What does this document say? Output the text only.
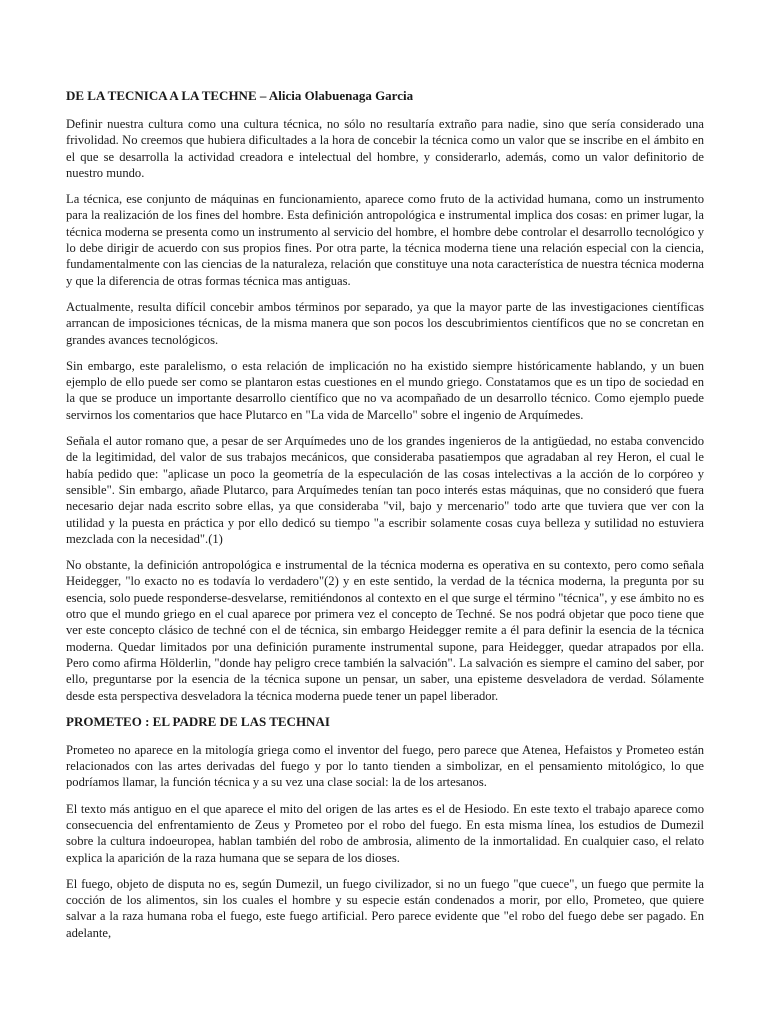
DE LA TECNICA A LA TECHNE – Alicia Olabuenaga Garcia

Definir nuestra cultura como una cultura técnica, no sólo no resultaría extraño para nadie, sino que sería considerado una frivolidad. No creemos que hubiera dificultades a la hora de concebir la técnica como un valor que se inscribe en el ámbito en el que se desarrolla la actividad creadora e intelectual del hombre, y considerarlo, además, como un valor definitorio de nuestro mundo.

La técnica, ese conjunto de máquinas en funcionamiento, aparece como fruto de la actividad humana, como un instrumento para la realización de los fines del hombre. Esta definición antropológica e instrumental implica dos cosas: en primer lugar, la técnica moderna se presenta como un instrumento al servicio del hombre, el hombre debe controlar el desarrollo tecnológico y lo debe dirigir de acuerdo con sus propios fines. Por otra parte, la técnica moderna tiene una relación especial con la ciencia, fundamentalmente con las ciencias de la naturaleza, relación que constituye una nota característica de nuestra técnica moderna y que la diferencia de otras formas técnica mas antiguas.

Actualmente, resulta difícil concebir ambos términos por separado, ya que la mayor parte de las investigaciones científicas arrancan de imposiciones técnicas, de la misma manera que son pocos los descubrimientos científicos que no se concretan en grandes avances tecnológicos.

Sin embargo, este paralelismo, o esta relación de implicación no ha existido siempre históricamente hablando, y un buen ejemplo de ello puede ser como se plantaron estas cuestiones en el mundo griego. Constatamos que es un tipo de sociedad en la que se produce un importante desarrollo científico que no va acompañado de un desarrollo técnico. Como ejemplo puede servirnos los comentarios que hace Plutarco en "La vida de Marcello" sobre el ingenio de Arquímedes.

Señala el autor romano que, a pesar de ser Arquímedes uno de los grandes ingenieros de la antigüedad, no estaba convencido de la legitimidad, del valor de sus trabajos mecánicos, que consideraba pasatiempos que agradaban al rey Heron, el cual le había pedido que: "aplicase un poco la geometría de la especulación de las cosas intelectivas a la acción de lo corpóreo y sensible". Sin embargo, añade Plutarco, para Arquímedes tenían tan poco interés estas máquinas, que no consideró que fuera necesario dejar nada escrito sobre ellas, ya que consideraba "vil, bajo y mercenario" todo arte que tuviera que ver con la utilidad y la puesta en práctica y por ello dedicó su tiempo "a escribir solamente cosas cuya belleza y sutilidad no estuviera mezclada con la necesidad".(1)

No obstante, la definición antropológica e instrumental de la técnica moderna es operativa en su contexto, pero como señala Heidegger, "lo exacto no es todavía lo verdadero"(2) y en este sentido, la verdad de la técnica moderna, la pregunta por su esencia, solo puede responderse-desvelarse, remitiéndonos al contexto en el que surge el término "técnica", y ese ámbito no es otro que el mundo griego en el cual aparece por primera vez el concepto de Techné. Se nos podrá objetar que poco tiene que ver este concepto clásico de techné con el de técnica, sin embargo Heidegger remite a él para definir la esencia de la técnica moderna. Quedar limitados por una definición puramente instrumental supone, para Heidegger, quedar atrapados por ella. Pero como afirma Hölderlin, "donde hay peligro crece también la salvación". La salvación es siempre el camino del saber, por ello, preguntarse por la esencia de la técnica supone un pensar, un saber, una episteme desveladora de verdad. Sólamente desde esta perspectiva desveladora la técnica moderna puede tener un papel liberador.

PROMETEO : EL PADRE DE LAS TECHNAI

Prometeo no aparece en la mitología griega como el inventor del fuego, pero parece que Atenea, Hefaistos y Prometeo están relacionados con las artes derivadas del fuego y por lo tanto tienden a simbolizar, en el pensamiento mitológico, lo que podríamos llamar, la función técnica y a su vez una clase social: la de los artesanos.

El texto más antiguo en el que aparece el mito del origen de las artes es el de Hesiodo. En este texto el trabajo aparece como consecuencia del enfrentamiento de Zeus y Prometeo por el robo del fuego. En esta misma línea, los estudios de Dumezil sobre la cultura indoeuropea, hablan también del robo de ambrosia, alimento de la inmortalidad. En cualquier caso, el relato explica la aparición de la raza humana que se separa de los dioses.

El fuego, objeto de disputa no es, según Dumezil, un fuego civilizador, si no un fuego "que cuece", un fuego que permite la cocción de los alimentos, sin los cuales el hombre y su especie están condenados a morir, por ello, Prometeo, que quiere salvar a la raza humana roba el fuego, este fuego artificial. Pero parece evidente que "el robo del fuego debe ser pagado. En adelante,
